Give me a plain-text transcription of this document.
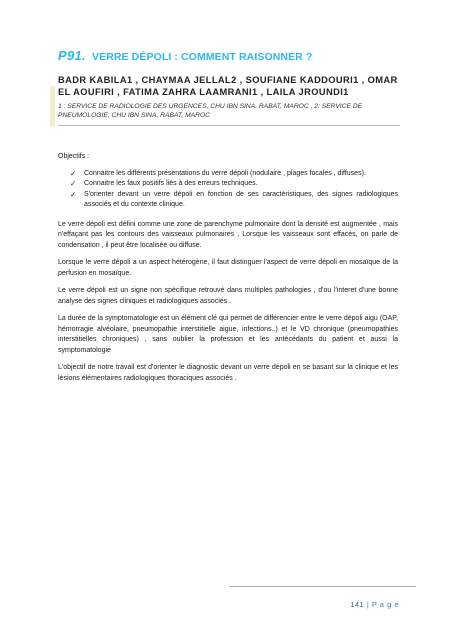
P91. VERRE DÉPOLI : COMMENT RAISONNER ?
BADR KABILA1 , CHAYMAA JELLAL2 , SOUFIANE KADDOURI1 , OMAR EL AOUFIRI , FATIMA ZAHRA LAAMRANI1 , LAILA JROUNDI1
1 : SERVICE DE RADIOLOGIE DES URGENCES, CHU IBN SINA, RABAT, MAROC , 2: SERVICE DE PNEUMOLOGIE, CHU IBN SINA, RABAT, MAROC

Objectifs :

✓ Connaitre les différents présentations du verre dépoli (nodulaire , plages focales , diffuses).
✓ Connaitre les faux positifs liés à des erreurs techniques.
✓ S'orienter devant un verre dépoli en fonction de ses caractéristiques, des signes radiologiques associés et du contexte clinique.

Le verre dépoli est défini comme une zone de parenchyme pulmonaire dont la densité est augmentée , mais n'effaçant pas les contours des vaisseaux pulmonaires , Lorsque les vaisseaux sont effacés, on parle de condensation , il peut être localisée ou diffuse.

Lorsque le verre dépoli a un aspect hétérogène, il faut distinguer l'aspect de verre dépoli en mosaïque de la perfusion en mosaïque.

Le verre dépoli est un signe non spécifique retrouvé dans multiples pathologies , d'ou l'interet d'une bonne analyse des signes cliniques et radiologiques associés .

La durée de la symptomatologie est un élément clé qui permet de différencier entre le verre dépoli aigu (OAP, hémorragie alvéolaire, pneumopathie interstitielle aigue, infections..) et le VD chronique (pneumopathies interstitielles chroniques) , sans oublier la profession et les antécédants du patient et aussi la symptomatologie

L'objectif de notre travail est d'orienter le diagnostic devant un verre dépoli en se basant sur la clinique et les lésions élémentaires radiologiques thoraciques associés .

141 | P a g e
